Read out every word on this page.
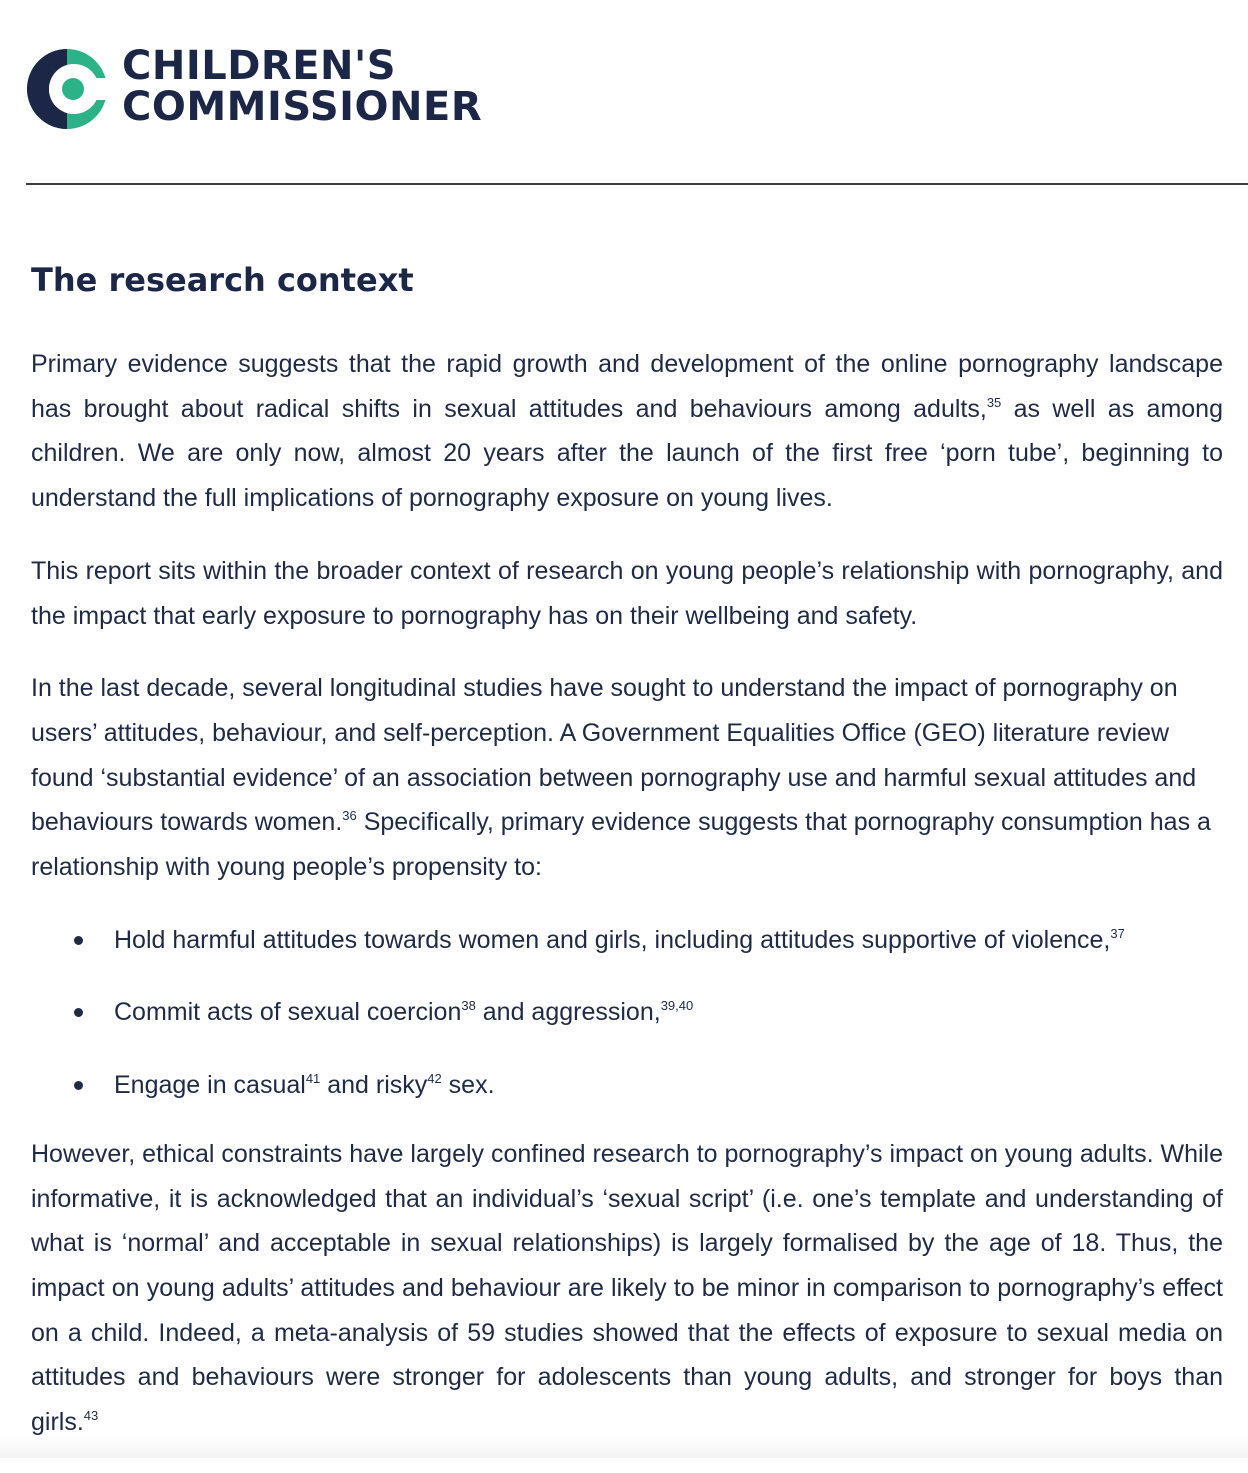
CHILDREN'S
COMMISSIONER
The research context

Primary evidence suggests that the rapid growth and development of the online pornography landscape has brought about radical shifts in sexual attitudes and behaviours among adults,$^{35}$ as well as among children. We are only now, almost 20 years after the launch of the first free ‘porn tube’, beginning to understand the full implications of pornography exposure on young lives.

This report sits within the broader context of research on young people’s relationship with pornography, and the impact that early exposure to pornography has on their wellbeing and safety.

In the last decade, several longitudinal studies have sought to understand the impact of pornography on users’ attitudes, behaviour, and self-perception. A Government Equalities Office (GEO) literature review found ‘substantial evidence’ of an association between pornography use and harmful sexual attitudes and behaviours towards women.$^{36}$ Specifically, primary evidence suggests that pornography consumption has a relationship with young people’s propensity to:

Hold harmful attitudes towards women and girls, including attitudes supportive of violence,$^{37}$
Commit acts of sexual coercion$^{38}$ and aggression,$^{39,40}$
Engage in casual$^{41}$ and risky$^{42}$ sex.

However, ethical constraints have largely confined research to pornography’s impact on young adults. While informative, it is acknowledged that an individual’s ‘sexual script’ (i.e. one’s template and understanding of what is ‘normal’ and acceptable in sexual relationships) is largely formalised by the age of 18. Thus, the impact on young adults’ attitudes and behaviour are likely to be minor in comparison to pornography’s effect on a child. Indeed, a meta-analysis of 59 studies showed that the effects of exposure to sexual media on attitudes and behaviours were stronger for adolescents than young adults, and stronger for boys than girls.$^{43}$
